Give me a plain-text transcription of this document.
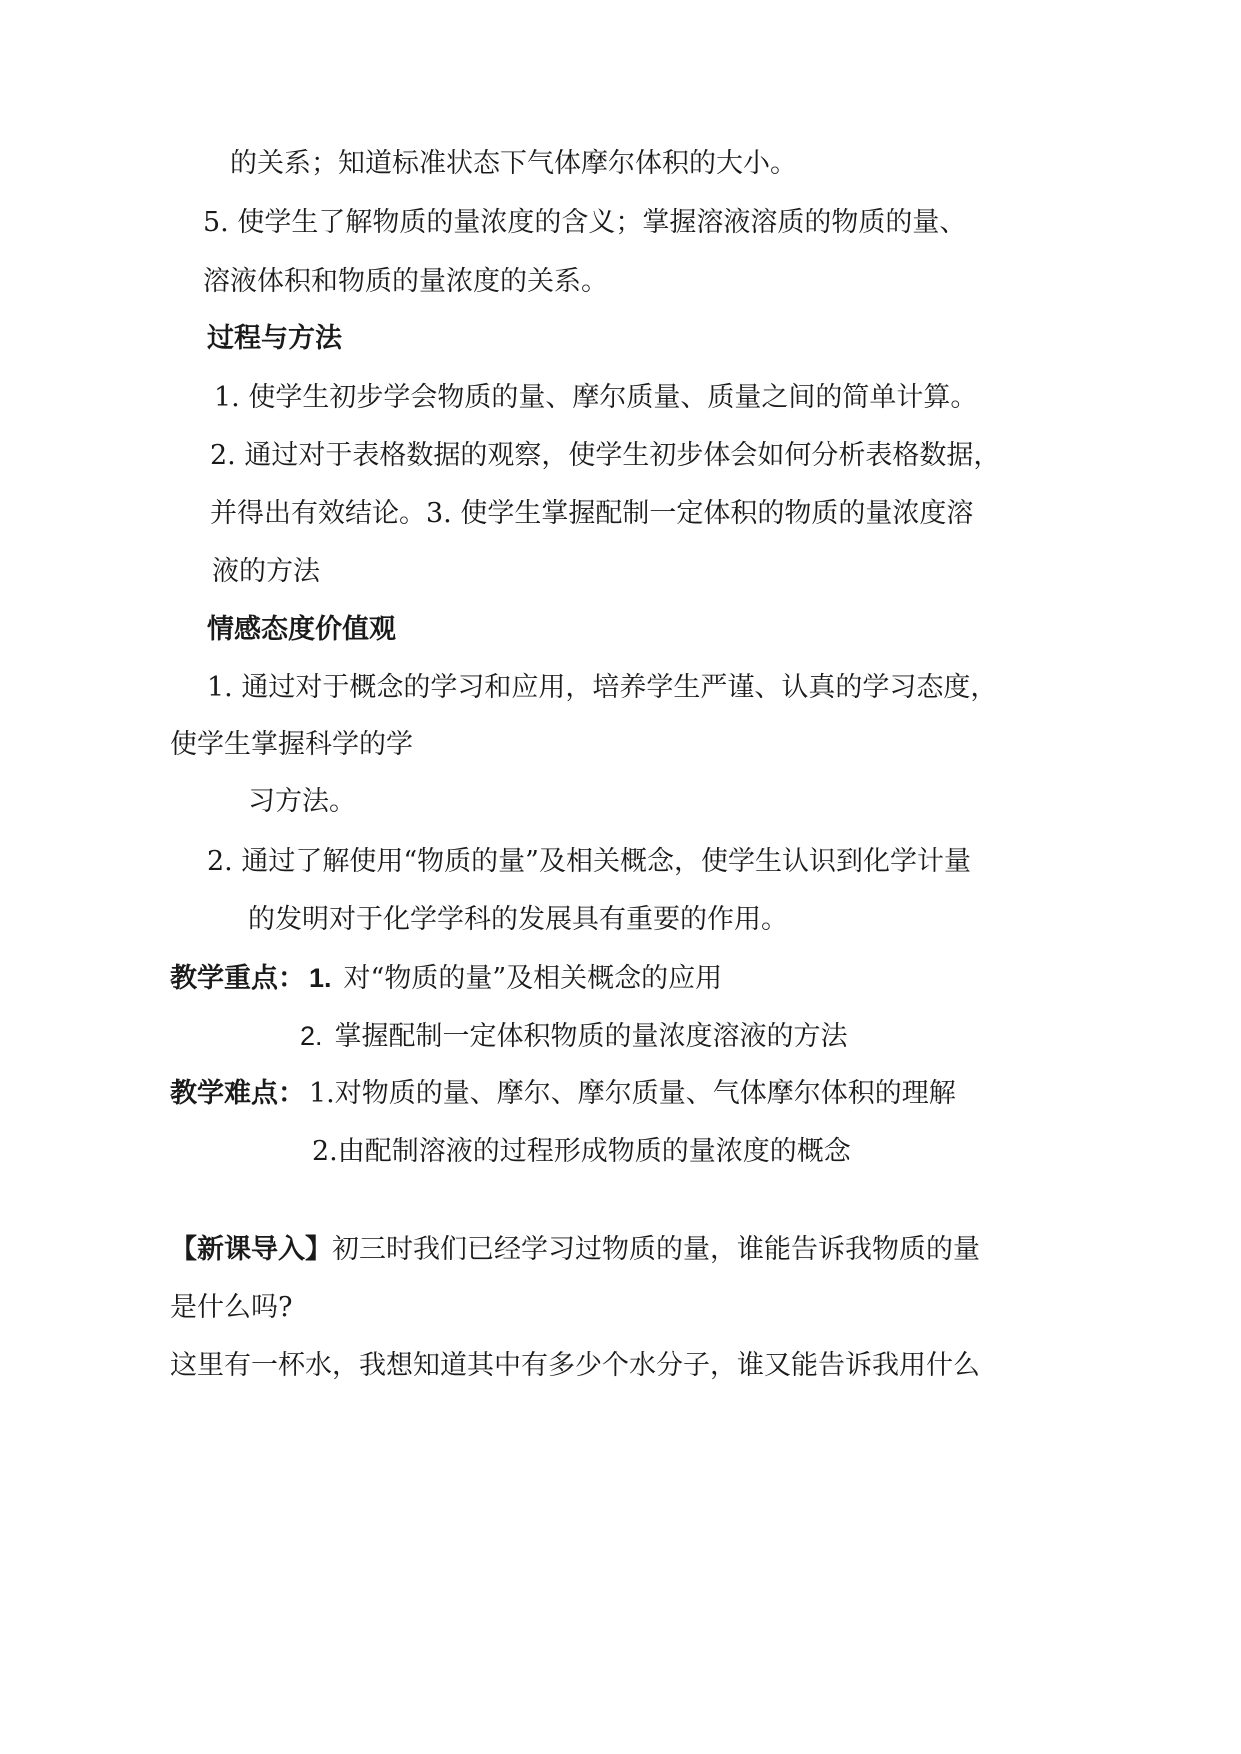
的关系；知道标准状态下气体摩尔体积的大小。
5. 使学生了解物质的量浓度的含义；掌握溶液溶质的物质的量、
溶液体积和物质的量浓度的关系。
过程与方法
1. 使学生初步学会物质的量、摩尔质量、质量之间的简单计算。
2. 通过对于表格数据的观察，使学生初步体会如何分析表格数据，
并得出有效结论。3. 使学生掌握配制一定体积的物质的量浓度溶
液的方法
情感态度价值观
1. 通过对于概念的学习和应用，培养学生严谨、认真的学习态度，
使学生掌握科学的学
习方法。
2. 通过了解使用“物质的量”及相关概念，使学生认识到化学计量
的发明对于化学学科的发展具有重要的作用。
教学重点： 1. 对“物质的量”及相关概念的应用
2. 掌握配制一定体积物质的量浓度溶液的方法
教学难点： 1.对物质的量、摩尔、摩尔质量、气体摩尔体积的理解
2.由配制溶液的过程形成物质的量浓度的概念
【新课导入】初三时我们已经学习过物质的量，谁能告诉我物质的量
是什么吗?
这里有一杯水，我想知道其中有多少个水分子，谁又能告诉我用什么
